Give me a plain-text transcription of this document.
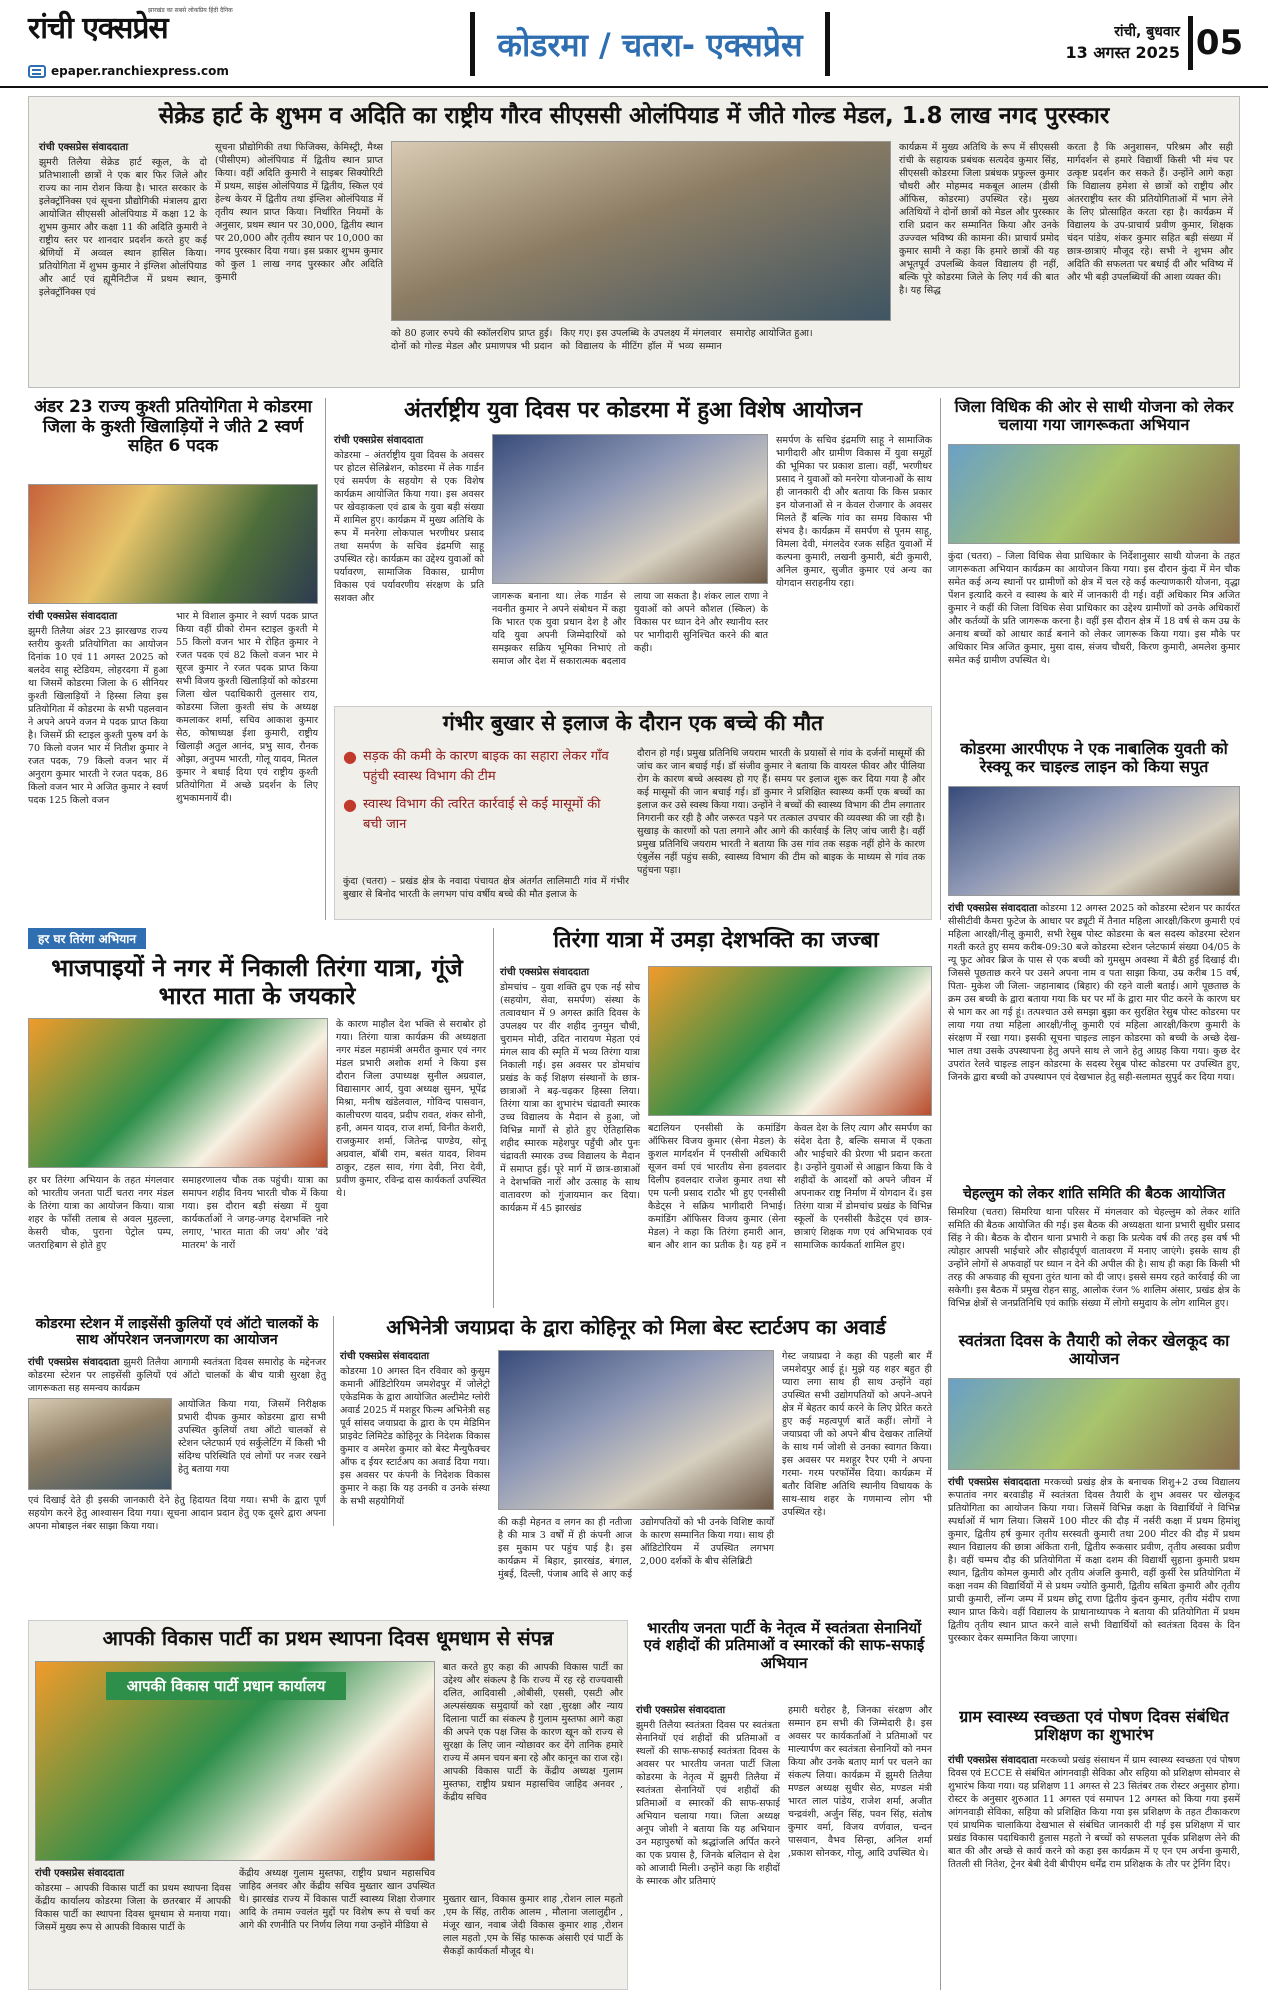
रांची एक्सप्रेस
झारखंड का सबसे लोकप्रिय हिंदी दैनिक
epaper.ranchiexpress.com
कोडरमा / चतरा- एक्सप्रेस	रांची, बुधवार
13 अगस्त 2025 05
सेक्रेड हार्ट के शुभम व अदिति का राष्ट्रीय गौरव सीएससी ओलंपियाड में जीते गोल्ड मेडल, 1.8 लाख नगद पुरस्कार
रांची एक्सप्रेस संवाददाता
झुमरी तिलैया सेक्रेड हार्ट स्कूल, के दो प्रतिभाशाली छात्रों ने एक बार फिर जिले और राज्य का नाम रोशन किया है। भारत सरकार के इलेक्ट्रॉनिक्स एवं सूचना प्रौद्योगिकी मंत्रालय द्वारा आयोजित सीएससी ओलंपियाड में कक्षा 12 के शुभम कुमार और कक्षा 11 की अदिति कुमारी ने राष्ट्रीय स्तर पर शानदार प्रदर्शन करते हुए कई श्रेणियों में अव्वल स्थान हासिल किया। प्रतियोगिता में शुभम कुमार ने इंग्लिश ओलंपियाड और आर्ट एवं ह्यूमैनिटीज में प्रथम स्थान, इलेक्ट्रॉनिक्स एवं
सूचना प्रौद्योगिकी तथा फिजिक्स, केमिस्ट्री, मैथ्स (पीसीएम) ओलंपियाड में द्वितीय स्थान प्राप्त किया। वहीं अदिति कुमारी ने साइबर सिक्योरिटी में प्रथम, साइंस ओलंपियाड में द्वितीय, स्किल एवं हेल्थ केयर में द्वितीय तथा इंग्लिश ओलंपियाड में तृतीय स्थान प्राप्त किया। निर्धारित नियमों के अनुसार, प्रथम स्थान पर 30,000, द्वितीय स्थान पर 20,000 और तृतीय स्थान पर 10,000 का नगद पुरस्कार दिया गया। इस प्रकार शुभम कुमार को कुल 1 लाख नगद पुरस्कार और अदिति कुमारी
को 80 हजार रुपये की स्कॉलरशिप प्राप्त हुई। दोनों को गोल्ड मेडल और प्रमाणपत्र भी प्रदान किए गए। इस उपलब्धि के उपलक्ष्य में मंगलवार को विद्यालय के मीटिंग हॉल में भव्य सम्मान समारोह आयोजित हुआ।
कार्यक्रम में मुख्य अतिथि के रूप में सीएससी रांची के सहायक प्रबंधक सत्यदेव कुमार सिंह, सीएससी कोडरमा जिला प्रबंधक प्रफुल्ल कुमार चौधरी और मोहम्मद मकबूल आलम (डीसी ऑफिस, कोडरमा) उपस्थित रहे। मुख्य अतिथियों ने दोनों छात्रों को मेडल और पुरस्कार राशि प्रदान कर सम्मानित किया और उनके उज्ज्वल भविष्य की कामना की। प्राचार्य प्रमोद कुमार सामी ने कहा कि हमारे छात्रों की यह अभूतपूर्व उपलब्धि केवल विद्यालय ही नहीं, बल्कि पूरे कोडरमा जिले के लिए गर्व की बात है। यह सिद्ध
करता है कि अनुशासन, परिश्रम और सही मार्गदर्शन से हमारे विद्यार्थी किसी भी मंच पर उत्कृष्ट प्रदर्शन कर सकते हैं। उन्होंने आगे कहा कि विद्यालय हमेशा से छात्रों को राष्ट्रीय और अंतरराष्ट्रीय स्तर की प्रतियोगिताओं में भाग लेने के लिए प्रोत्साहित करता रहा है। कार्यक्रम में विद्यालय के उप-प्राचार्य प्रवीण कुमार, शिक्षक चंदन पांडेय, शंकर कुमार सहित बड़ी संख्या में छात्र-छात्राएं मौजूद रहे। सभी ने शुभम और अदिति की सफलता पर बधाई दी और भविष्य में और भी बड़ी उपलब्धियों की आशा व्यक्त की।
अंडर 23 राज्य कुश्ती प्रतियोगिता मे कोडरमा जिला के कुश्ती खिलाड़ियों ने जीते 2 स्वर्ण सहित 6 पदक
रांची एक्सप्रेस संवाददाता
झुमरी तिलैया अंडर 23 झारखण्ड राज्य स्तरीय कुश्ती प्रतियोगिता का आयोजन दिनांक 10 एवं 11 अगस्त 2025 को बलदेव साहू स्टेडियम, लोहरदगा में हुआ था जिसमें कोडरमा जिला के 6 सीनियर कुश्ती खिलाड़ियों ने हिस्सा लिया इस प्रतियोगिता में कोडरमा के सभी पहलवान ने अपने अपने वजन मे पदक प्राप्त किया है। जिसमें फ्री स्टाइल कुश्ती पुरुष वर्ग के 70 किलो वजन भार में नितीश कुमार ने रजत पदक, 79 किलो वजन भार में अनुराग कुमार भारती ने रजत पदक, 86 किलो वजन भार मे अजित कुमार ने स्वर्ण पदक 125 किलो वजन
भार मे विशाल कुमार ने स्वर्ण पदक प्राप्त किया वहीं ग्रीको रोमन स्टाइल कुश्ती मे 55 किलो वजन भार मे रोहित कुमार ने रजत पदक एवं 82 किलो वजन भार मे सूरज कुमार ने रजत पदक प्राप्त किया सभी विजय कुश्ती खिलाड़ियों को कोडरमा जिला खेल पदाधिकारी तुलसार राय, कोडरमा जिला कुश्ती संघ के अध्यक्ष कमलाकर शर्मा, सचिव आकाश कुमार सेठ, कोषाध्यक्ष ईशा कुमारी, राष्ट्रीय खिलाड़ी अतुल आनंद, प्रभु साव, रौनक ओझा, अनुपम भारती, गोलू यादव, मितल कुमार ने बधाई दिया एवं राष्ट्रीय कुश्ती प्रतियोगिता में अच्छे प्रदर्शन के लिए शुभकामनायें दी।
अंतर्राष्ट्रीय युवा दिवस पर कोडरमा में हुआ विशेष आयोजन
रांची एक्सप्रेस संवाददाता
कोडरमा – अंतर्राष्ट्रीय युवा दिवस के अवसर पर होटल सेलिब्रेशन, कोडरमा में लेक गार्डन एवं समर्पण के सहयोग से एक विशेष कार्यक्रम आयोजित किया गया। इस अवसर पर खेवड़ाकला एवं ढाब के युवा बड़ी संख्या में शामिल हुए। कार्यक्रम में मुख्य अतिथि के रूप में मनरेगा लोकपाल भरणीधर प्रसाद तथा समर्पण के सचिव इंद्रमणि साहू उपस्थित रहे। कार्यक्रम का उद्देश्य युवाओं को पर्यावरण, सामाजिक विकास, ग्रामीण विकास एवं पर्यावरणीय संरक्षण के प्रति सशक्त और	जागरूक बनाना था। लेक गार्डन से नवनीत कुमार ने अपने संबोधन में कहा कि भारत एक युवा प्रधान देश है और यदि युवा अपनी जिम्मेदारियों को समझकर सक्रिय भूमिका निभाएं तो समाज और देश में सकारात्मक बदलाव लाया जा सकता है। शंकर लाल राणा ने युवाओं को अपने कौशल (स्किल) के विकास पर ध्यान देने और स्थानीय स्तर पर भागीदारी सुनिश्चित करने की बात कही।
समर्पण के सचिव इंद्रमणि साहू ने सामाजिक भागीदारी और ग्रामीण विकास में युवा समूहों की भूमिका पर प्रकाश डाला। वहीं, भरणीधर प्रसाद ने युवाओं को मनरेगा योजनाओं के साथ ही जानकारी दी और बताया कि किस प्रकार इन योजनाओं से न केवल रोजगार के अवसर मिलते हैं बल्कि गांव का समग्र विकास भी संभव है। कार्यक्रम में समर्पण से पूनम साहू, विमला देवी, मंगलदेव रजक सहित युवाओं में कल्पना कुमारी, लखनी कुमारी, बंटी कुमारी, अनिल कुमार, सुजीत कुमार एवं अन्य का योगदान सराहनीय रहा।
गंभीर बुखार से इलाज के दौरान एक बच्चे की मौत
● सड़क की कमी के कारण बाइक का सहारा लेकर गाँव पहुंची स्वास्थ विभाग की टीम
● स्वास्थ विभाग की त्वरित कार्रवाई से कई मासूमों की बची जान
कुंदा (चतरा) – प्रखंड क्षेत्र के नवादा पंचायत क्षेत्र अंतर्गत लालिमाटी गांव में गंभीर बुखार से बिनोद भारती के लगभग पांच वर्षीय बच्चे की मौत इलाज के
दौरान हो गई। प्रमुख प्रतिनिधि जयराम भारती के प्रयासों से गांव के दर्जनों मासूमों की जांच कर जान बचाई गई। डॉ संजीव कुमार ने बताया कि वायरल फीवर और पीलिया रोग के कारण बच्चे अस्वस्थ हो गए हैं। समय पर इलाज शुरू कर दिया गया है और कई मासूमों की जान बचाई गई। डॉ कुमार ने प्रशिक्षित स्वास्थ्य कर्मी एक बच्चों का इलाज कर उसे स्वस्थ किया गया। उन्होंने ने बच्चों की स्वास्थ्य विभाग की टीम लगातार निगरानी कर रही है और जरूरत पड़ने पर तत्काल उपचार की व्यवस्था की जा रही है। सुखाड़ के कारणों को पता लगाने और आगे की कार्रवाई के लिए जांच जारी है। वहीं प्रमुख प्रतिनिधि जयराम भारती ने बताया कि उस गांव तक सड़क नहीं होने के कारण एंबुलेंस नहीं पहुंच सकी, स्वास्थ्य विभाग की टीम को बाइक के माध्यम से गांव तक पहुंचना पड़ा।
जिला विधिक की ओर से साथी योजना को लेकर चलाया गया जागरूकता अभियान
कुंदा (चतरा) – जिला विधिक सेवा प्राधिकार के निर्देशानुसार साथी योजना के तहत जागरूकता अभियान कार्यक्रम का आयोजन किया गया। इस दौरान कुंदा में मेन चौक समेत कई अन्य स्थानों पर ग्रामीणों को क्षेत्र में चल रहे कई कल्याणकारी योजना, वृद्धा पेंशन इत्यादि करने व स्वास्थ के बारे में जानकारी दी गई। वहीं अधिकार मित्र अजित कुमार ने कहीं की जिला विधिक सेवा प्राधिकार का उद्देश्य ग्रामीणों को उनके अधिकारों और कर्तव्यों के प्रति जागरूक करना है। वहीं इस दौरान क्षेत्र में 18 वर्ष से कम उम्र के अनाथ बच्चों को आधार कार्ड बनाने को लेकर जागरूक किया गया। इस मौके पर अधिकार मित्र अजित कुमार, मुसा दास, संजय चौधरी, किरण कुमारी, अमलेश कुमार समेत कई ग्रामीण उपस्थित थे।
कोडरमा आरपीएफ ने एक नाबालिक युवती को रेस्क्यू कर चाइल्ड लाइन को किया सपुत
रांची एक्सप्रेस संवाददाता कोडरमा 12 अगस्त 2025 को कोडरमा स्टेशन पर कार्यरत सीसीटीवी कैमरा फुटेज के आधार पर ड्यूटी में तैनात महिला आरक्षी/किरण कुमारी एवं महिला आरक्षी/नीलू कुमारी, सभी रेसुब पोस्ट कोडरमा के बल सदस्य कोडरमा स्टेशन गश्ती करते हुए समय करीब-09:30 बजे कोडरमा स्टेशन प्लेटफार्म संख्या 04/05 के न्यू फुट ओवर ब्रिज के पास से एक बच्ची को गुमसुम अवस्था में बैठी हुई दिखाई दी। जिससे पूछताछ करने पर उसने अपना नाम व पता साझा किया, उम्र करीब 15 वर्ष, पिता- मुकेश जी जिला- जहानाबाद (बिहार) की रहने वाली बताई। आगे पूछताछ के क्रम उस बच्ची के द्वारा बताया गया कि घर पर माँ के द्वारा मार पीट करने के कारण घर से भाग कर आ गई हूं। तत्पश्चात उसे समझा बुझा कर सुरक्षित रेसुब पोस्ट कोडरमा पर लाया गया तथा महिला आरक्षी/नीलू कुमारी एवं महिला आरक्षी/किरण कुमारी के संरक्षण में रखा गया। इसकी सूचना चाइल्ड लाइन कोडरमा को बच्ची के अच्छे देख-भाल तथा उसके उपस्थापना हेतु अपने साथ ले जाने हेतु आग्रह किया गया। कुछ देर उपरांत रेलवे चाइल्ड लाइन कोडरमा के सदस्य रेसुब पोस्ट कोडरमा पर उपस्थित हुए, जिनके द्वारा बच्ची को उपस्थापन एवं देखभाल हेतु सही-सलामत सुपुर्द कर दिया गया।
चेहल्लुम को लेकर शांति समिति की बैठक आयोजित
सिमरिया (चतरा) सिमरिया थाना परिसर में मंगलवार को चेहल्लुम को लेकर शांति समिति की बैठक आयोजित की गई। इस बैठक की अध्यक्षता थाना प्रभारी सुधीर प्रसाद सिंह ने की। बैठक के दौरान थाना प्रभारी ने कहा कि प्रत्येक वर्ष की तरह इस वर्ष भी त्योहार आपसी भाईचारे और सौहार्दपूर्ण वातावरण में मनाए जाएंगे। इसके साथ ही उन्होंने लोगों से अफवाहों पर ध्यान न देने की अपील की है। साथ ही कहा कि किसी भी तरह की अफवाह की सूचना तुरंत थाना को दी जाए। इससे समय रहते कार्रवाई की जा सकेगी। इस बैठक में प्रमुख रोहन साहू, आलोक रंजन % शालिम अंसार, प्रखंड क्षेत्र के विभिन्न क्षेत्रों से जनप्रतिनिधि एवं काफ़ि संख्या में लोगो समुदाय के लोग शामिल हुए।
हर घर तिरंगा अभियान
भाजपाइयों ने नगर में निकाली तिरंगा यात्रा, गूंजे भारत माता के जयकारे
हर घर तिरंगा अभियान के तहत मंगलवार को भारतीय जनता पार्टी चतरा नगर मंडल के तिरंगा यात्रा का आयोजन किया। यात्रा शहर के फाँसी तलाब से अवल मुहल्ला, केसरी चौक, पुराना पेट्रोल पम्प, जतराहिबाग से होते हुए
समाहरणालय चौक तक पहुंची। यात्रा का समापन शहीद विनय भारती चौक में किया गया। इस दौरान बड़ी संख्या में युवा कार्यकर्ताओं ने जगह-जगह देशभक्ति नारे लगाए, 'भारत माता की जय' और 'वंदे मातरम' के नारों
के कारण माहौल देश भक्ति से सराबोर हो गया। तिरंगा यात्रा कार्यक्रम की अध्यक्षता नगर मंडल महामंत्री अमरीत कुमार एवं नगर मंडल प्रभारी अशोक शर्मा ने किया इस दौरान जिला उपाध्यक्ष सुनील अग्रवाल, विद्यासागर आर्य, युवा अध्यक्ष सुमन, भूपेंद्र मिश्रा, मनीष खंडेलवाल, गोविन्द पासवान, कालीचरण यादव, प्रदीप रावत, शंकर सोनी, हनी, अमन यादव, राज शर्मा, विनीत केशरी, राजकुमार शर्मा, जितेन्द्र पाण्डेय, सोनू अग्रवाल, बॉबी राम, बसंत यादव, शिवम ठाकुर, टहल साव, गंगा देवी, निरा देवी, प्रवीण कुमार, रविन्द्र दास कार्यकर्ता उपस्थित थे।
तिरंगा यात्रा में उमड़ा देशभक्ति का जज्बा
रांची एक्सप्रेस संवाददाता
डोमचांच – युवा शक्ति द्रुप एक नई सोच (सहयोग, सेवा, समर्पण) संस्था के तत्वावधान में 9 अगस्त क्रांति दिवस के उपलक्ष्य पर वीर शहीद नुनमुन चौधी, चुरामन मोदी, उदित नारायण मेहता एवं मंगल साव की स्मृति में भव्य तिरंगा यात्रा निकाली गई। इस अवसर पर डोमचांच प्रखंड के कई शिक्षण संस्थानों के छात्र-छात्राओं ने बढ़-चढ़कर हिस्सा लिया। तिरंगा यात्रा का शुभारंभ चंद्रावती स्मारक उच्च विद्यालय के मैदान से हुआ, जो विभिन्न मार्गों से होते हुए ऐतिहासिक शहीद स्मारक महेशपुर पहुँची और पुनः चंद्रावती स्मारक उच्च विद्यालय के मैदान में समाप्त हुई। पूरे मार्ग में छात्र-छात्राओं ने देशभक्ति नारों और उत्साह के साथ वातावरण को गुंजायमान कर दिया। कार्यक्रम में 45 झारखंड
बटालियन एनसीसी के कमांडिंग ऑफिसर विजय कुमार (सेना मेडल) के कुशल मार्गदर्शन में एनसीसी अधिकारी सूजन वर्मा एवं भारतीय सेना हवलदार दिलीप हवलदार राजेश कुमार तथा सौ एम पत्नी प्रसाद राठौर भी हुए एनसीसी कैडेट्स ने सक्रिय भागीदारी निभाई। कमांडिंग ऑफिसर विजय कुमार (सेना मेडल) ने कहा कि तिरंगा हमारी आन, बान और शान का प्रतीक है। यह हमें न केवल देश के लिए त्याग और समर्पण का संदेश देता है, बल्कि समाज में एकता और भाईचारे की प्रेरणा भी प्रदान करता है। उन्होंने युवाओं से आह्वान किया कि वे शहीदों के आदर्शों को अपने जीवन में अपनाकर राष्ट्र निर्माण में योगदान दें। इस तिरंगा यात्रा में डोमचांच प्रखंड के विभिन्न स्कूलों के एनसीसी कैडेट्स एवं छात्र-छात्राएं शिक्षक गण एवं अभिभावक एवं सामाजिक कार्यकर्ता शामिल हुए।
कोडरमा स्टेशन में लाइसेंसी कुलियों एवं ऑटो चालकों के साथ ऑपरेशन जनजागरण का आयोजन
रांची एक्सप्रेस संवाददाता झुमरी तिलैया आगामी स्वतंत्रता दिवस समारोह के मद्देनजर कोडरमा स्टेशन पर लाइसेंसी कुलियों एवं ऑटो चालकों के बीच यात्री सुरक्षा हेतु जागरूकता सह समन्वय कार्यक्रम
आयोजित किया गया, जिसमें निरीक्षक प्रभारी दीपक कुमार कोडरमा द्वारा सभी उपस्थित कुलियों तथा ऑटो चालकों से स्टेशन प्लेटफार्म एवं सर्कुलेटिंग में किसी भी संदिग्ध परिस्थिति एवं लोगों पर नजर रखने हेतु बताया गया
एवं दिखाई देते ही इसकी जानकारी देने हेतु हिदायत दिया गया। सभी के द्वारा पूर्ण सहयोग करने हेतु आश्वासन दिया गया। सूचना आदान प्रदान हेतु एक दूसरे द्वारा अपना अपना मोबाइल नंबर साझा किया गया।
अभिनेत्री जयाप्रदा के द्वारा कोहिनूर को मिला बेस्ट स्टार्टअप का अवार्ड
रांची एक्सप्रेस संवाददाता
कोडरमा 10 अगस्त दिन रविवार को कुसुम कमानी ऑडिटोरियम जमशेदपुर में जोलेट्रो एकेडमिक के द्वारा आयोजित अल्टीमेट ग्लोरी अवार्ड 2025 में मशहूर फिल्म अभिनेत्री सह पूर्व सांसद जयाप्रदा के द्वारा के एम मेडिमिन प्राइवेट लिमिटेड कोहिनूर के निदेशक विकास कुमार व अमरेश कुमार को बेस्ट मैन्युफैक्चर ऑफ द ईयर स्टार्टअप का अवार्ड दिया गया। इस अवसर पर कंपनी के निदेशक विकास कुमार ने कहा कि यह उनकी व उनके संस्था के सभी सहयोगियों
की कड़ी मेहनत व लगन का ही नतीजा है की मात्र 3 वर्षों में ही कंपनी आज इस मुकाम पर पहुंच पाई है। इस कार्यक्रम में बिहार, झारखंड, बंगाल, मुंबई, दिल्ली, पंजाब आदि से आए कई उद्योगपतियों को भी उनके विशिष्ट कार्यों के कारण सम्मानित किया गया। साथ ही ऑडिटोरियम में उपस्थित लगभग 2,000 दर्शकों के बीच सेलिब्रिटी
गेस्ट जयाप्रदा ने कहा की पहली बार मैं जमशेदपुर आई हूं। मुझे यह शहर बहुत ही प्यारा लगा साथ ही साथ उन्होंने वहां उपस्थित सभी उद्योगपतियों को अपने-अपने क्षेत्र में बेहतर कार्य करने के लिए प्रेरित करते हुए कई महत्वपूर्ण बातें कहीं। लोगों ने जयाप्रदा जी को अपने बीच देखकर तालियों के साथ गर्म जोशी से उनका स्वागत किया। इस अवसर पर मशहूर रैपर एमी ने अपना गरमा- गरम परफॉर्मेंस दिया। कार्यक्रम में बतौर विशिष्ट अतिथि स्थानीय विधायक के साथ-साथ शहर के गणमान्य लोग भी उपस्थित रहे।
स्वतंत्रता दिवस के तैयारी को लेकर खेलकूद का आयोजन
रांची एक्सप्रेस संवाददाता मरकच्चो प्रखंड़ क्षेत्र के बनाचक शिशु+2 उच्च विद्यालय रूपातांव नगर बरवाडीह में स्वतंत्रता दिवस तैयारी के शुभ अवसर पर खेलकूद प्रतियोगिता का आयोजन किया गया। जिसमें विभिन्न कक्षा के विद्यार्थियों ने विभिन्न स्पर्धाओं में भाग लिया। जिसमें 100 मीटर की दौड़ में नर्सरी कक्षा में प्रथम हिमांशु कुमार, द्वितीय हर्ष कुमार तृतीय सरस्वती कुमारी तथा 200 मीटर की दौड़ में प्रथम स्थान विद्यालय की छात्रा अंकिता रानी, द्वितीय रूकसार प्रवीण, तृतीय अस्वका प्रवीण है। वहीं चम्मच दौड़ की प्रतियोगिता में कक्षा दशम की विद्यार्थी सुहाना कुमारी प्रथम स्थान, द्वितीय कोमल कुमारी और तृतीय अंजलि कुमारी, वहीं कुर्सी रेस प्रतियोगिता में कक्षा नवम की विद्यार्थियों में से प्रथम ज्योति कुमारी, द्वितीय सबिता कुमारी और तृतीय प्राची कुमारी, लॉन्ग जम्प में प्रथम छोटू राणा द्वितीय कुंदन कुमार, तृतीय मंदीप राणा स्थान प्राप्त किये। वहीं विद्यालय के प्राधानाध्यापक ने बताया की प्रतियोगिता में प्रथम द्वितीय तृतीय स्थान प्राप्त करने वाले सभी विद्यार्थियों को स्वतंत्रता दिवस के दिन पुरस्कार देकर सम्मानित किया जाएगा।
ग्राम स्वास्थ्य स्वच्छता एवं पोषण दिवस संबंधित प्रशिक्षण का शुभारंभ
रांची एक्सप्रेस संवाददाता मरकच्चो प्रखंड़ संसाधन में ग्राम स्वास्थ्य स्वच्छता एवं पोषण दिवस एवं ECCE से संबंधित आंगनवाड़ी सेविका और सहिया को प्रशिक्षण सोमवार से शुभारंभ किया गया। यह प्रशिक्षण 11 अगस्त से 23 सितंबर तक रोस्टर अनुसार होगा। रोस्टर के अनुसार शुरुआत 11 अगस्त एवं समापन 12 अगस्त को किया गया इसमें आंगनवाड़ी सेविका, सहिया को प्रशिक्षित किया गया इस प्रशिक्षण के तहत टीकाकरण एवं प्राथमिक चालाकिया देखभाल से संबंधित जानकारी दी गई इस प्रशिक्षण में चार प्रखंड विकास पदाधिकारी हुलास महतो ने बच्चों को सफलता पूर्वक प्रशिक्षण लेने की बात की और अच्छे से कार्य करने को कहा इस कार्यक्रम में ए एन एम अर्चना कुमारी, तितली सी नितेश, ट्रेनर बेबी देवी बीपीएम धर्मेंद्र राम प्रशिक्षक के तौर पर ट्रेनिंग दिए।
आपकी विकास पार्टी का प्रथम स्थापना दिवस धूमधाम से संपन्न
आपकी विकास पार्टी प्रधान कार्यालय
रांची एक्सप्रेस संवाददाता
कोडरमा – आपकी विकास पार्टी का प्रथम स्थापना दिवस केंद्रीय कार्यालय कोडरमा जिला के छतरबार में आपकी विकास पार्टी का स्थापना दिवस धूमधाम से मनाया गया। जिसमें मुख्य रूप से आपकी विकास पार्टी के
केंद्रीय अध्यक्ष गुलाम मुस्तफा, राष्ट्रीय प्रधान महासचिव जाहिद अनवर और केंद्रीय सचिव मुख्तार खान उपस्थित थे। झारखंड राज्य में विकास पार्टी स्वास्थ्य शिक्षा रोजगार आदि के तमाम ज्वलंत मुद्दों पर विशेष रूप से चर्चा कर आगे की रणनीति पर निर्णय लिया गया उन्होंने मीडिया से
बात करते हुए कहा की आपकी विकास पार्टी का उद्देश्य और संकल्प है कि राज्य में रह रहे राज्यवासी दलित, आदिवासी ,ओबीसी, एससी, एसटी और अल्पसंख्यक समुदायों को रक्षा ,सुरक्षा और न्याय दिलाना पार्टी का संकल्प है गुलाम मुस्तफा आगे कहा की अपने एक पक्ष जिस के कारण खून को राज्य से सुरक्षा के लिए जान न्योछावर कर देंगे तानिक हमारे राज्य में अमन चयन बना रहे और कानून का राज रहे। आपकी विकास पार्टी के केंद्रीय अध्यक्ष गुलाम मुस्तफा, राष्ट्रीय प्रधान महासचिव जाहिद अनवर , केंद्रीय सचिव
मुख्तार खान, विकास कुमार शाह ,रोशन लाल महतो ,एम के सिंह, तारीक आलम , मौलाना जलालुद्दीन , मंजूर खान, नवाब जेदी विकास कुमार शाह ,रोशन लाल महतो ,एम के सिंह फारूक अंसारी एवं पार्टी के सैकड़ों कार्यकर्ता मौजूद थे।
भारतीय जनता पार्टी के नेतृत्व में स्वतंत्रता सेनानियों एवं शहीदों की प्रतिमाओं व स्मारकों की साफ-सफाई अभियान
रांची एक्सप्रेस संवाददाता
झुमरी तिलैया स्वतंत्रता दिवस पर स्वतंत्रता सेनानियों एवं शहीदों की प्रतिमाओं व स्थलों की साफ-सफाई स्वतंत्रता दिवस के अवसर पर भारतीय जनता पार्टी जिला कोडरमा के नेतृत्व में झुमरी तिलैया में स्वतंत्रता सेनानियों एवं शहीदों की प्रतिमाओं व स्मारकों की साफ-सफाई अभियान चलाया गया। जिला अध्यक्ष अनूप जोशी ने बताया कि यह अभियान उन महापुरुषों को श्रद्धांजलि अर्पित करने का एक प्रयास है, जिनके बलिदान से देश को आजादी मिली। उन्होंने कहा कि शहीदों के स्मारक और प्रतिमाएं
हमारी धरोहर है, जिनका संरक्षण और सम्मान हम सभी की जिम्मेदारी है। इस अवसर पर कार्यकर्ताओं ने प्रतिमाओं पर माल्यार्पण कर स्वतंत्रता सेनानियों को नमन किया और उनके बताए मार्ग पर चलने का संकल्प लिया। कार्यक्रम में झुमरी तिलैया मण्डल अध्यक्ष सुधीर सेठ, मण्डल मंत्री भारत लाल पांडेय, राजेश शर्मा, अजीत चन्द्रवंशी, अर्जुन सिंह, पवन सिंह, संतोष कुमार वर्मा, विजय वर्णवाल, चन्दन पासवान, वैभव सिन्हा, अनिल शर्मा ,प्रकाश सोनकर, गोलू, आदि उपस्थित थे।
